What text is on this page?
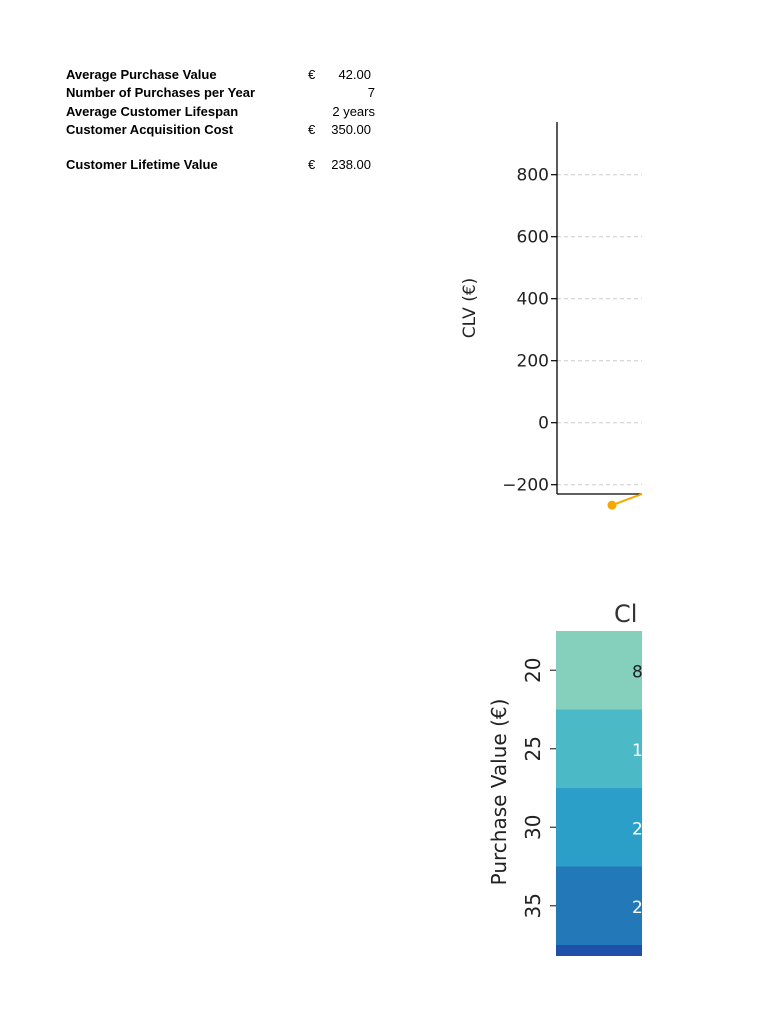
Average Purchase Value	€ 42.00
Number of Purchases per Year	7
Average Customer Lifespan	2 years
Customer Acquisition Cost	€ 350.00
Customer Lifetime Value	€ 238.00
800
600
400
200
0
−200
CLV (€)
Cl
8
15
22
29
20
25
30
35
Purchase Value (€)
